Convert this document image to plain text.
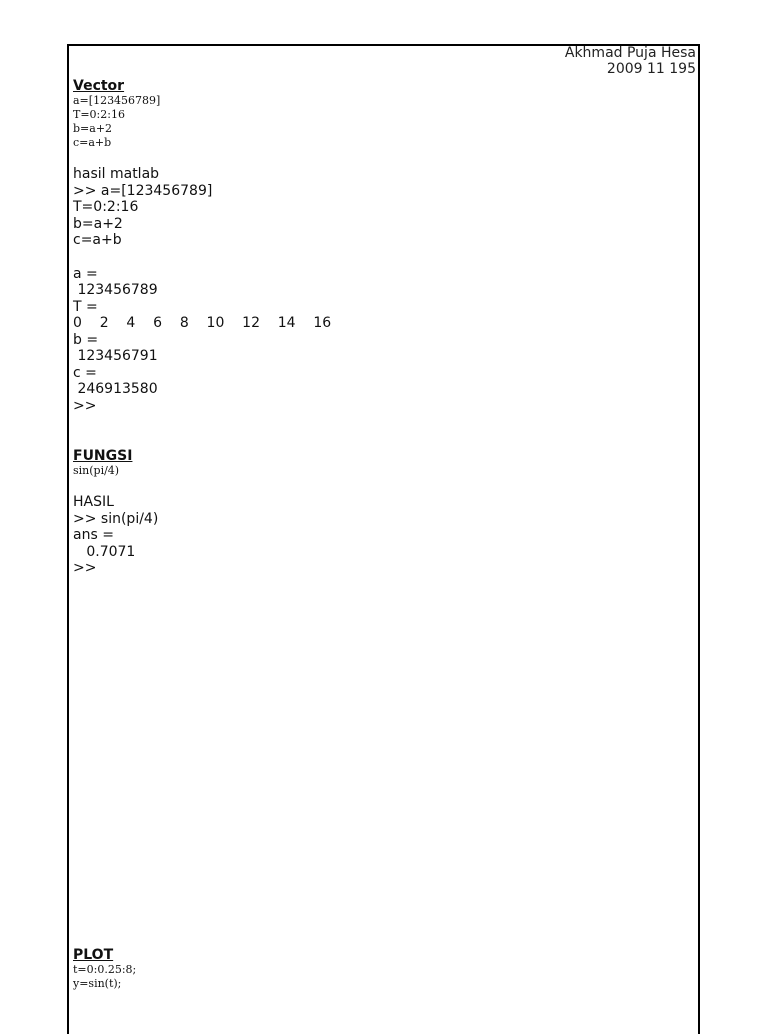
Akhmad Puja Hesa
2009 11 195

Vector

a=[123456789]

T=0:2:16

b=a+2

c=a+b

hasil matlab

>> a=[123456789]

T=0:2:16

b=a+2

c=a+b

a =

123456789

T =

0    2    4    6    8    10    12    14    16

b =

123456791

c =

246913580

>>

FUNGSI

sin(pi/4)

HASIL

>> sin(pi/4)

ans =

0.7071

>>

PLOT

t=0:0.25:8;

y=sin(t);
